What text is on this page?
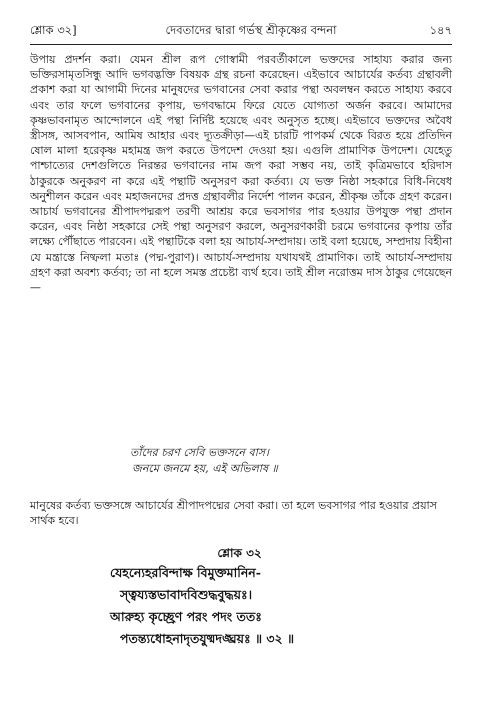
শ্লোক ৩২]	দেবতাদের দ্বারা গর্ভস্থ শ্রীকৃষ্ণের বন্দনা	১৪৭

উপায় প্রদর্শন করা। যেমন শ্রীল রূপ গোস্বামী পরবর্তীকালে ভক্তদের সাহায্য করার জন্য ভক্তিরসামৃতসিন্ধু আদি ভগবদ্ভক্তি বিষয়ক গ্রন্থ রচনা করেছেন। এইভাবে আচার্যের কর্তব্য গ্রন্থাবলী প্রকাশ করা যা আগামী দিনের মানুষদের ভগবানের সেবা করার পন্থা অবলম্বন করতে সাহায্য করবে এবং তার ফলে ভগবানের কৃপায়, ভগবদ্ধামে ফিরে যেতে যোগ্যতা অর্জন করবে। আমাদের কৃষ্ণভাবনামৃত আন্দোলনে এই পন্থা নির্দিষ্ট হয়েছে এবং অনুসৃত হচ্ছে। এইভাবে ভক্তদের অবৈধ স্ত্রীসঙ্গ, আসবপান, আমিষ আহার এবং দ্যূতক্রীড়া—এই চারটি পাপকর্ম থেকে বিরত হয়ে প্রতিদিন ষোল মালা হরেকৃষ্ণ মহামন্ত্র জপ করতে উপদেশ দেওয়া হয়। এগুলি প্রামাণিক উপদেশ। যেহেতু পাশ্চাত্যের দেশগুলিতে নিরন্তর ভগবানের নাম জপ করা সম্ভব নয়, তাই কৃত্রিমভাবে হরিদাস ঠাকুরকে অনুকরণ না করে এই পন্থাটি অনুসরণ করা কর্তব্য। যে ভক্ত নিষ্ঠা সহকারে বিধি-নিষেধ অনুশীলন করেন এবং মহাজনদের প্রদত্ত গ্রন্থাবলীর নির্দেশ পালন করেন, শ্রীকৃষ্ণ তাঁকে গ্রহণ করেন। আচার্য ভগবানের শ্রীপাদপদ্মরূপ তরণী আশ্রয় করে ভবসাগর পার হওয়ার উপযুক্ত পন্থা প্রদান করেন, এবং নিষ্ঠা সহকারে সেই পন্থা অনুসরণ করলে, অনুসরণকারী চরমে ভগবানের কৃপায় তাঁর লক্ষ্যে পৌঁছাতে পারবেন। এই পন্থাটিকে বলা হয় আচার্য-সম্প্রদায়। তাই বলা হয়েছে, সম্প্রদায় বিহীনা যে মন্ত্রাস্তে নিষ্ফলা মতাঃ (পদ্ম-পুরাণ)। আচার্য-সম্প্রদায় যথাযথই প্রামাণিক। তাই আচার্য-সম্প্রদায় গ্রহণ করা অবশ্য কর্তব্য; তা না হলে সমস্ত প্রচেষ্টা ব্যর্থ হবে। তাই শ্রীল নরোত্তম দাস ঠাকুর গেয়েছেন—

তাঁদের চরণ সেবি ভক্তসনে বাস।
জনমে জনমে হয়, এই অভিলাষ ॥

মানুষের কর্তব্য ভক্তসঙ্গে আচার্যের শ্রীপাদপদ্মের সেবা করা। তা হলে ভবসাগর পার হওয়ার প্রয়াস সার্থক হবে।

শ্লোক ৩২
যেহন্যেহরবিন্দাক্ষ বিমুক্তমানিন-
স্ত্বয্যস্তভাবাদবিশুদ্ধবুদ্ধয়ঃ।
আরুহ্য কৃচ্ছ্রেণ পরং পদং ততঃ
পতন্ত্যধোহনাদৃতযুষ্মদঙ্ঘ্রয়ঃ ॥ ৩২ ॥
